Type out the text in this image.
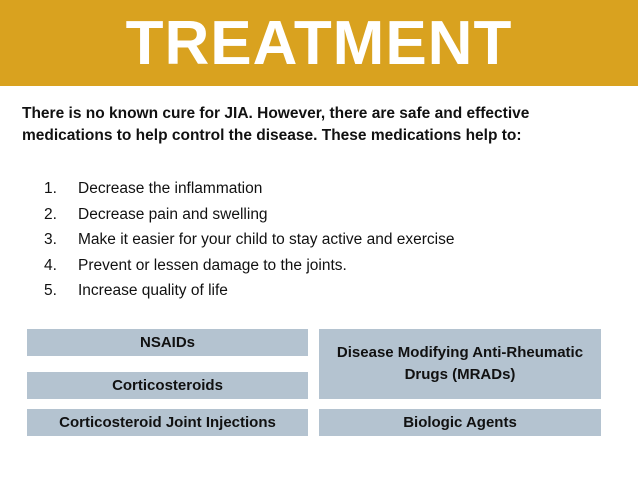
TREATMENT
There is no known cure for JIA. However, there are safe and effective
medications to help control the disease. These medications help to:
1.	Decrease the inflammation
2.	Decrease pain and swelling
3.	Make it easier for your child to stay active and exercise
4.	Prevent or lessen damage to the joints.
5.	Increase quality of life
NSAIDs
Corticosteroids
Disease Modifying Anti-Rheumatic Drugs (MRADs)
Corticosteroid Joint Injections	Biologic Agents
